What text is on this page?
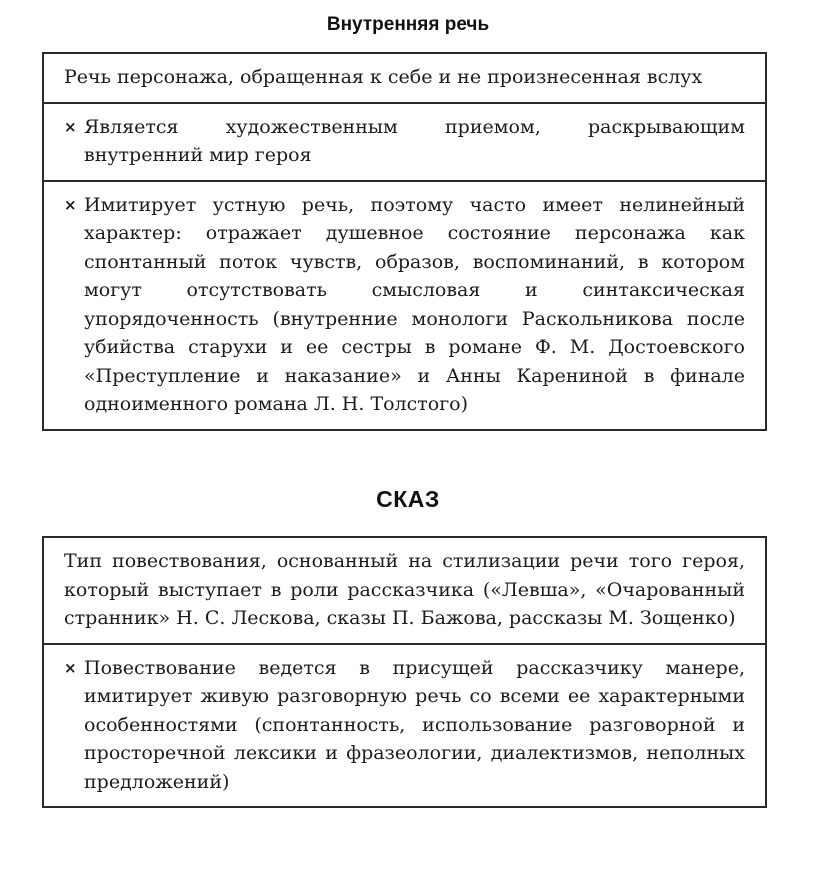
Внутренняя речь
Речь персонажа, обращенная к себе и не произнесенная вслух
× Является художественным приемом, раскрывающим внутренний мир героя
× Имитирует устную речь, поэтому часто имеет нелинейный характер: отражает душевное состояние персонажа как спонтанный поток чувств, образов, воспоминаний, в котором могут отсутствовать смысловая и синтаксическая упорядоченность (внутренние монологи Раскольникова после убийства старухи и ее сестры в романе Ф. М. Достоевского «Преступление и наказание» и Анны Карениной в финале одноименного романа Л. Н. Толстого)
СКАЗ
Тип повествования, основанный на стилизации речи того героя, который выступает в роли рассказчика («Левша», «Очарованный странник» Н. С. Лескова, сказы П. Бажова, рассказы М. Зощенко)
× Повествование ведется в присущей рассказчику манере, имитирует живую разговорную речь со всеми ее характерными особенностями (спонтанность, использование разговорной и просторечной лексики и фразеологии, диалектизмов, неполных предложений)
